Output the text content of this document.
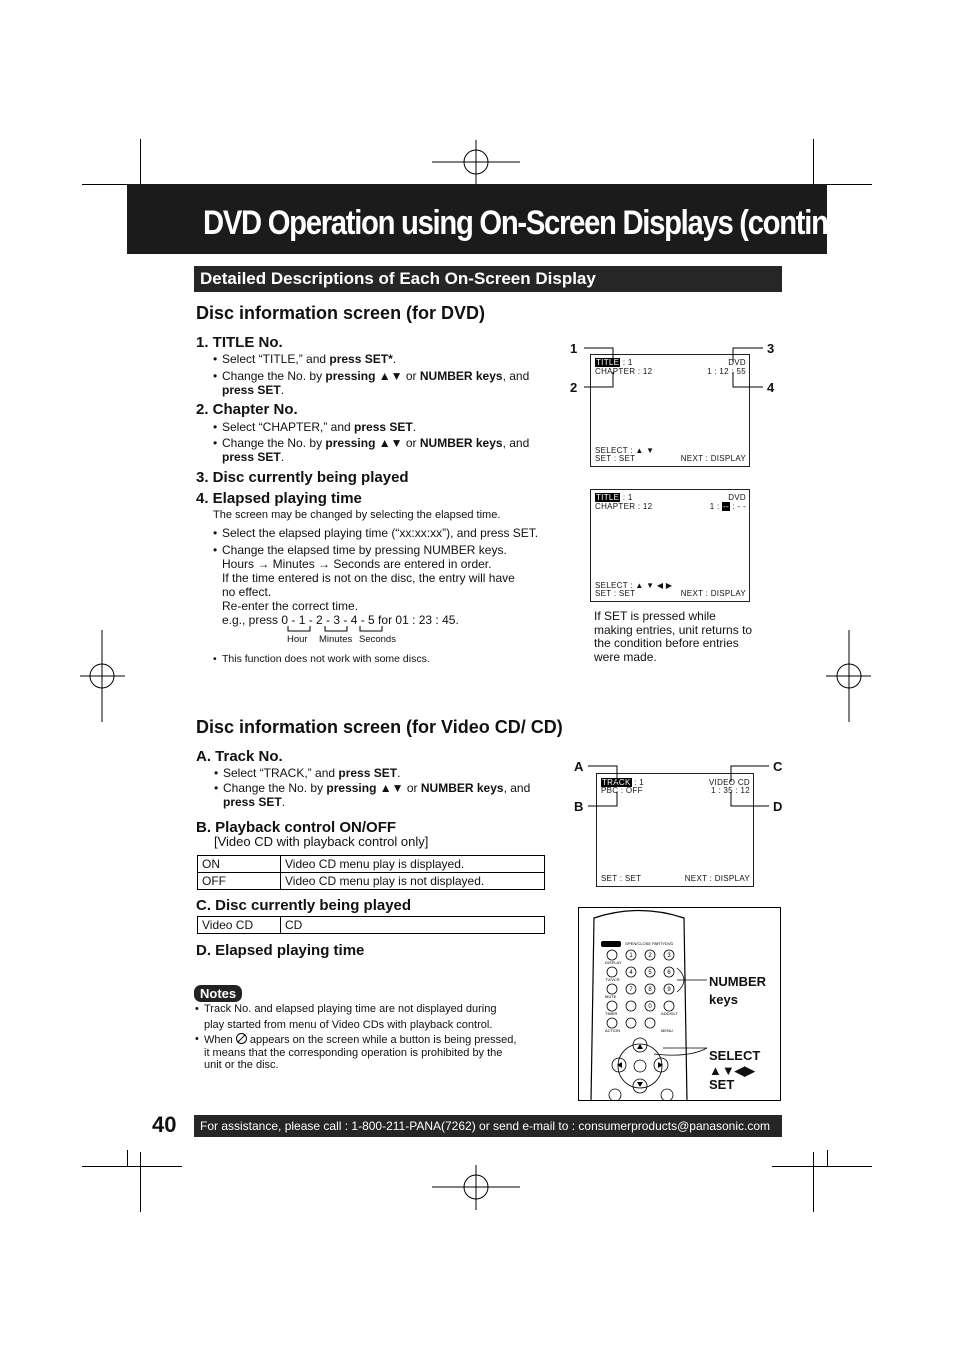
DVD Operation using On-Screen Displays (continued)
Detailed Descriptions of Each On-Screen Display
Disc information screen (for DVD)
1. TITLE No.
• Select “TITLE,” and press SET*.
• Change the No. by pressing ▲▼ or NUMBER keys, and
press SET.
2. Chapter No.
• Select “CHAPTER,” and press SET.
• Change the No. by pressing ▲▼ or NUMBER keys, and
press SET.
3. Disc currently being played
4. Elapsed playing time
The screen may be changed by selecting the elapsed time.
• Select the elapsed playing time (“xx:xx:xx”), and press SET.
• Change the elapsed time by pressing NUMBER keys.
Hours → Minutes → Seconds are entered in order.
If the time entered is not on the disc, the entry will have
no effect.
Re-enter the correct time.
e.g., press 0 - 1 - 2 - 3 - 4 - 5 for 01 : 23 : 45.
Hour Minutes Seconds
• This function does not work with some discs.
TITLE : 1
CHAPTER : 12
DVD
1 : 12 : 55
SELECT : ▲ ▼
SET : SET	NEXT : DISPLAY
1
2
3
4
TITLE : 1
CHAPTER : 12
DVD
1 : -- : - -
SELECT : ▲ ▼ ◀ ▶
SET : SET	NEXT : DISPLAY
If SET is pressed while making entries, unit returns to the condition before entries were made.
Disc information screen (for Video CD/ CD)
A. Track No.
• Select “TRACK,” and press SET.
• Change the No. by pressing ▲▼ or NUMBER keys, and
press SET.
B. Playback control ON/OFF
[Video CD with playback control only]
ON	Video CD menu play is displayed.
OFF	Video CD menu play is not displayed.
C. Disc currently being played
Video CD	CD
D. Elapsed playing time
TRACK : 1
PBC : OFF
VIDEO CD
1 : 35 : 12
SET : SET	NEXT : DISPLAY
A
B
C
D
Notes
• Track No. and elapsed playing time are not displayed during
play started from menu of Video CDs with playback control.
• When
appears on the screen while a button is being pressed,
it means that the corresponding operation is prohibited by the
unit or the disc.
1	2	3
4	5	6
7	8	9
0
OPEN/CLOSE PARTY DVD
DISPLAY
TV/VCR
MUTE
TIMER	ADD/DLT
ACTION	MENU
NUMBER
keys
SELECT
▲▼◀▶
SET
40	For assistance, please call : 1-800-211-PANA(7262) or send e-mail to : consumerproducts@panasonic.com
